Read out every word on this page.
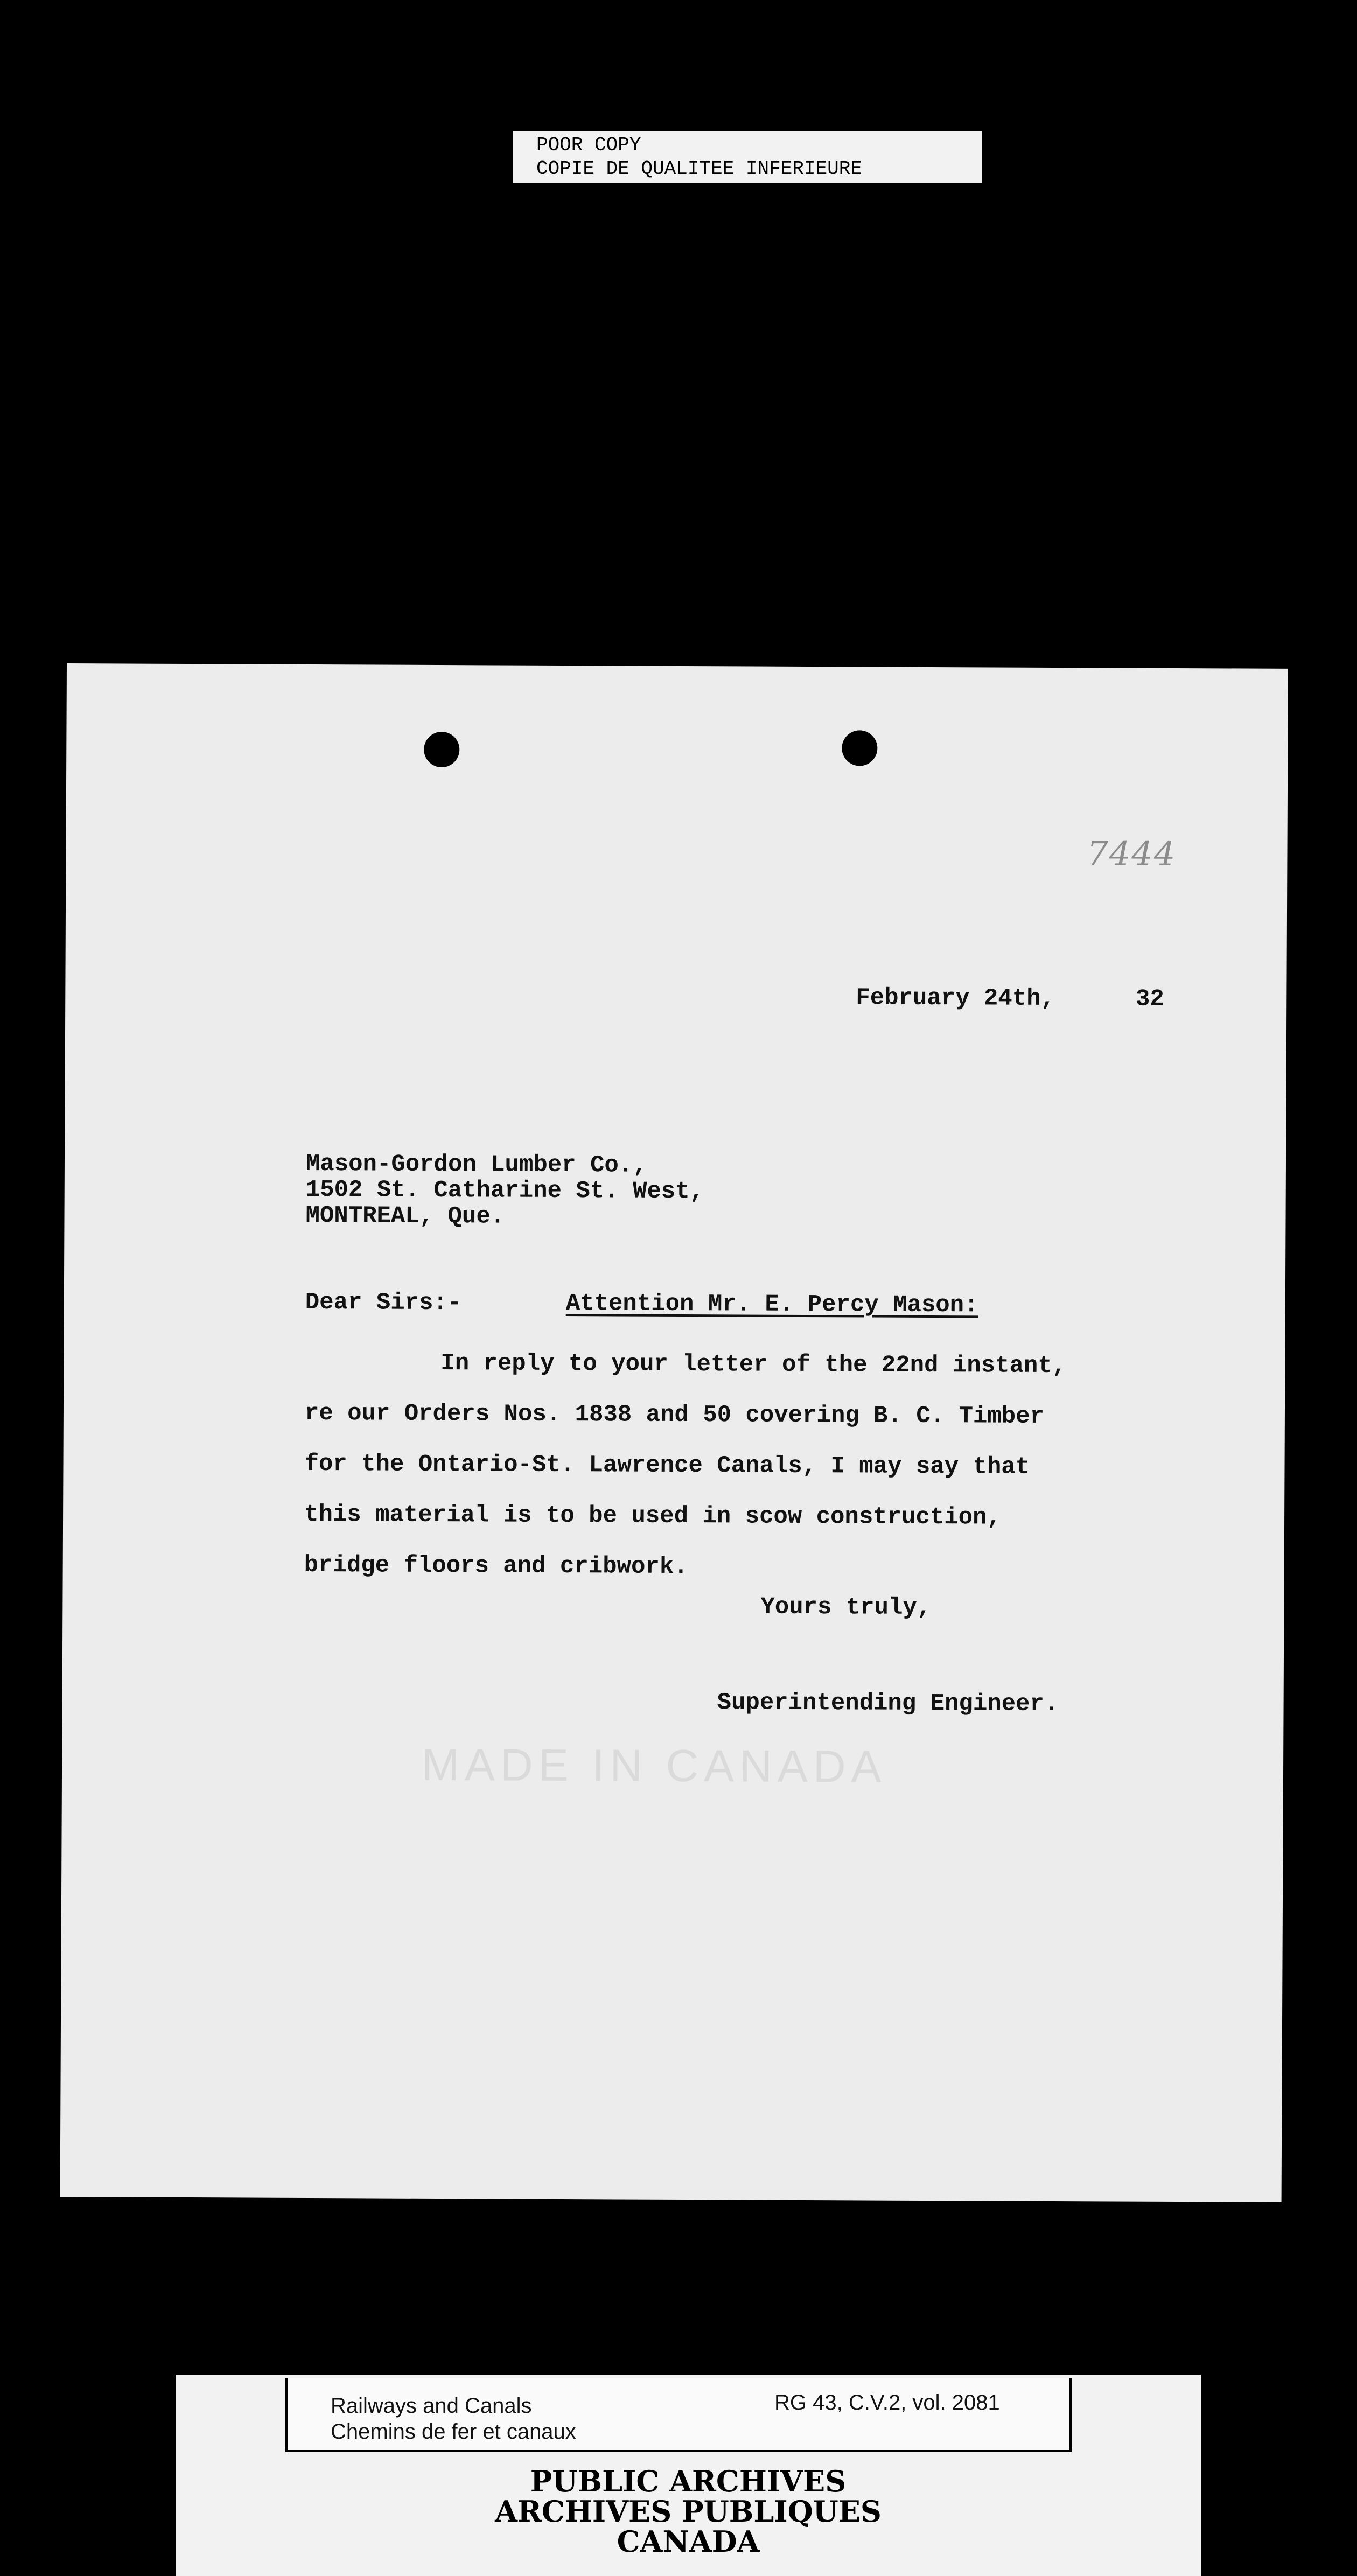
POOR COPY
COPIE DE QUALITEE INFERIEURE
7444
MADE IN CANADA
February 24th,	32
Mason-Gordon Lumber Co.,
1502 St. Catharine St. West,
MONTREAL, Que.
Dear Sirs:-	Attention Mr. E. Percy Mason:
In reply to your letter of the 22nd instant,
re our Orders Nos. 1838 and 50 covering B. C. Timber
for the Ontario-St. Lawrence Canals, I may say that
this material is to be used in scow construction,
bridge floors and cribwork.
Yours truly,
Superintending Engineer.
Railways and Canals
Chemins de fer et canaux
RG 43, C.V.2, vol. 2081
PUBLIC ARCHIVES
ARCHIVES PUBLIQUES
CANADA
